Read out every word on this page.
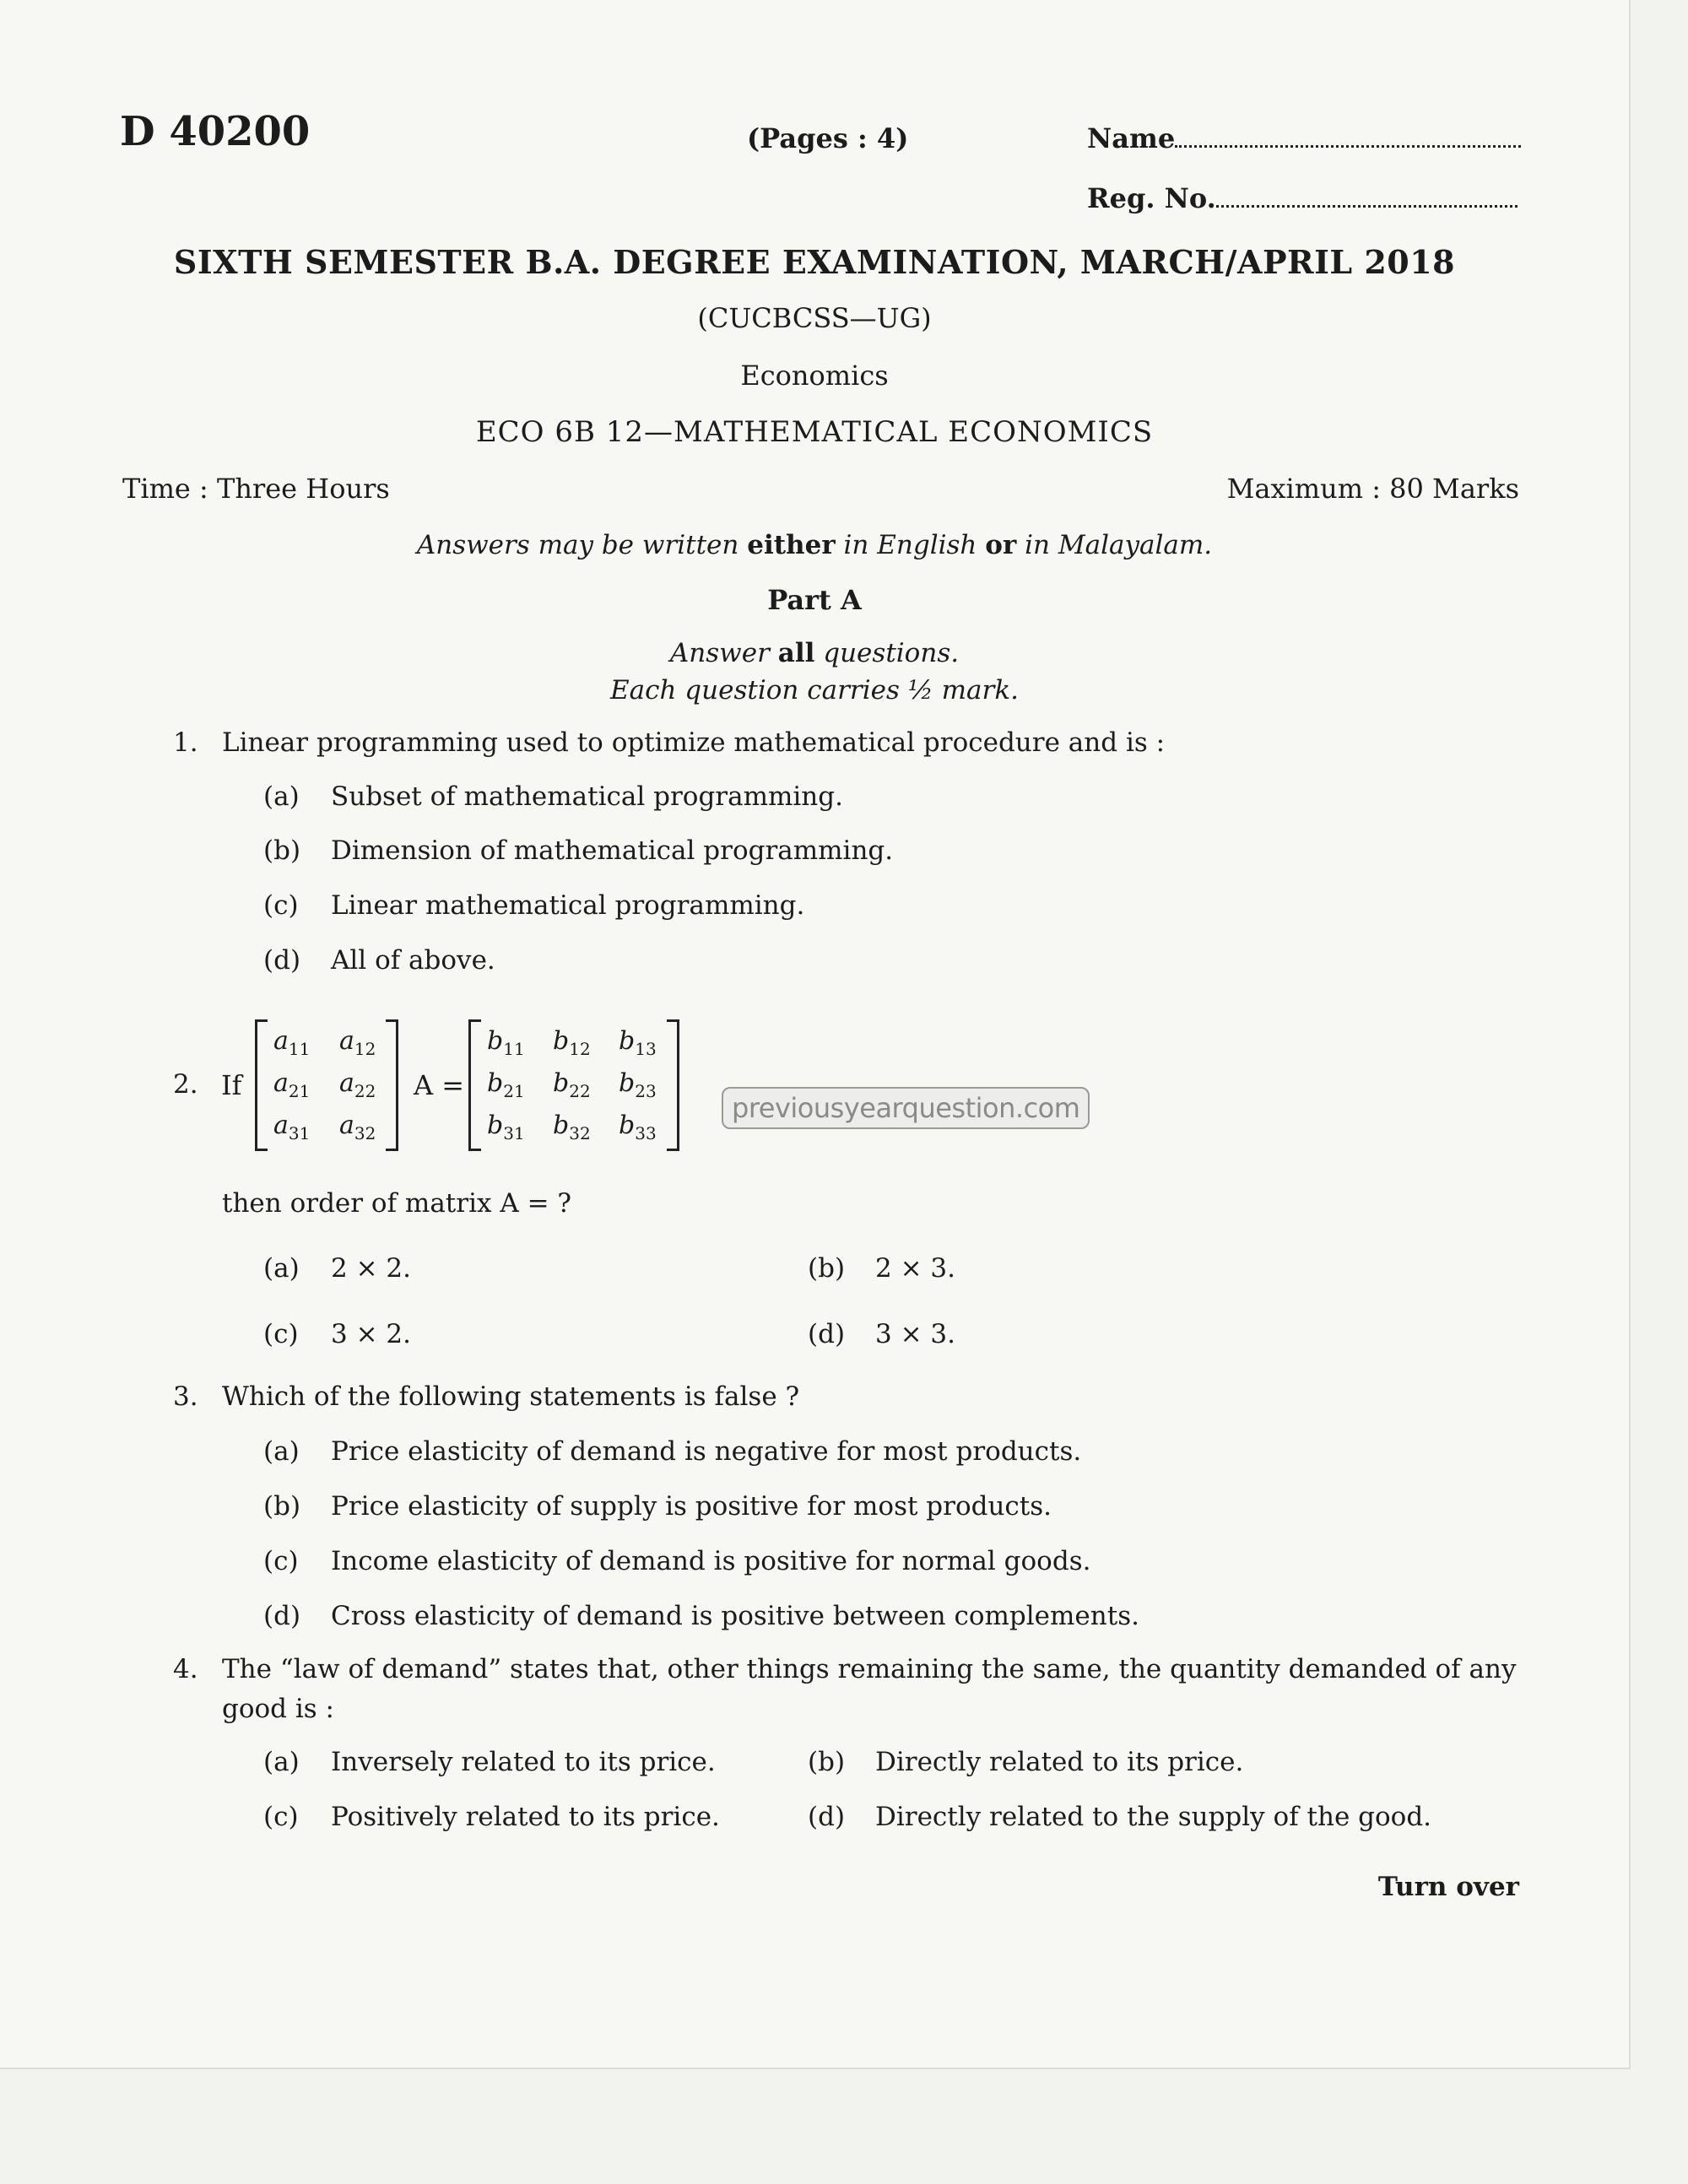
D 40200	(Pages : 4)	Name
Reg. No.
SIXTH SEMESTER B.A. DEGREE EXAMINATION, MARCH/APRIL 2018
(CUCBCSS—UG)
Economics
ECO 6B 12—MATHEMATICAL ECONOMICS
Time : Three Hours	Maximum : 80 Marks
Answers may be written either in English or in Malayalam.
Part A
Answer all questions.
Each question carries ½ mark.
1. Linear programming used to optimize mathematical procedure and is :
(a) Subset of mathematical programming.
(b) Dimension of mathematical programming.
(c) Linear mathematical programming.
(d) All of above.
2. If
$a_{11}$ $a_{12}$
$a_{21}$ $a_{22}$
$a_{31}$ $a_{32}$
A =
$b_{11}$ $b_{12}$ $b_{13}$
$b_{21}$ $b_{22}$ $b_{23}$
$b_{31}$ $b_{32}$ $b_{33}$
previousyearquestion.com
then order of matrix A = ?
(a) 2 × 2.	(b) 2 × 3.
(c) 3 × 2.	(d) 3 × 3.
3. Which of the following statements is false ?
(a) Price elasticity of demand is negative for most products.
(b) Price elasticity of supply is positive for most products.
(c) Income elasticity of demand is positive for normal goods.
(d) Cross elasticity of demand is positive between complements.
4. The “law of demand” states that, other things remaining the same, the quantity demanded of any
good is :
(a) Inversely related to its price.	(b) Directly related to its price.
(c) Positively related to its price.	(d) Directly related to the supply of the good.
Turn over
